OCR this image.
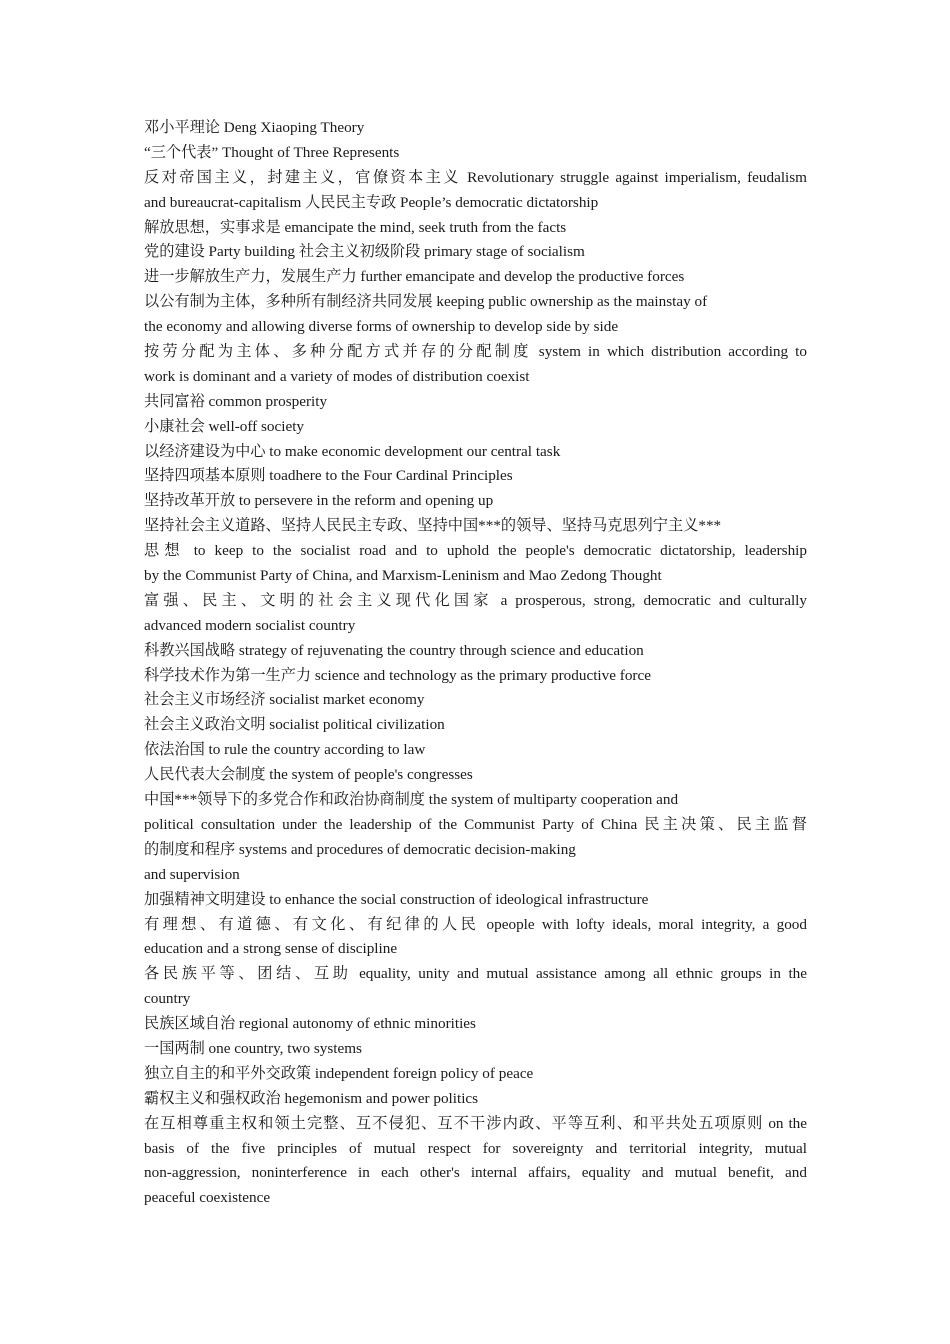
邓小平理论 Deng Xiaoping Theory
“三个代表” Thought of Three Represents
反对帝国主义，封建主义，官僚资本主义 Revolutionary struggle against imperialism, feudalism
and bureaucrat-capitalism 人民民主专政 People’s democratic dictatorship
解放思想，实事求是 emancipate the mind, seek truth from the facts
党的建设 Party building 社会主义初级阶段 primary stage of socialism
进一步解放生产力，发展生产力 further emancipate and develop the productive forces
以公有制为主体，多种所有制经济共同发展 keeping public ownership as the mainstay of
the economy and allowing diverse forms of ownership to develop side by side
按劳分配为主体、多种分配方式并存的分配制度 system in which distribution according to
work is dominant and a variety of modes of distribution coexist
共同富裕 common prosperity
小康社会 well-off society
以经济建设为中心 to make economic development our central task
坚持四项基本原则 toadhere to the Four Cardinal Principles
坚持改革开放 to persevere in the reform and opening up
坚持社会主义道路、坚持人民民主专政、坚持中国***的领导、坚持马克思列宁主义***
思想 to keep to the socialist road and to uphold the people's democratic dictatorship, leadership
by the Communist Party of China, and Marxism-Leninism and Mao Zedong Thought
富强、民主、文明的社会主义现代化国家 a prosperous, strong, democratic and culturally
advanced modern socialist country
科教兴国战略 strategy of rejuvenating the country through science and education
科学技术作为第一生产力 science and technology as the primary productive force
社会主义市场经济 socialist market economy
社会主义政治文明 socialist political civilization
依法治国 to rule the country according to law
人民代表大会制度 the system of people's congresses
中国***领导下的多党合作和政治协商制度 the system of multiparty cooperation and
political consultation under the leadership of the Communist Party of China 民主决策、民主监督
的制度和程序 systems and procedures of democratic decision-making
and supervision
加强精神文明建设 to enhance the social construction of ideological infrastructure
有理想、有道德、有文化、有纪律的人民 opeople with lofty ideals, moral integrity, a good
education and a strong sense of discipline
各民族平等、团结、互助 equality, unity and mutual assistance among all ethnic groups in the
country
民族区域自治 regional autonomy of ethnic minorities
一国两制 one country, two systems
独立自主的和平外交政策 independent foreign policy of peace
霸权主义和强权政治 hegemonism and power politics
在互相尊重主权和领土完整、互不侵犯、互不干涉内政、平等互利、和平共处五项原则 on the
basis of the five principles of mutual respect for sovereignty and territorial integrity, mutual
non-aggression, noninterference in each other's internal affairs, equality and mutual benefit, and
peaceful coexistence
